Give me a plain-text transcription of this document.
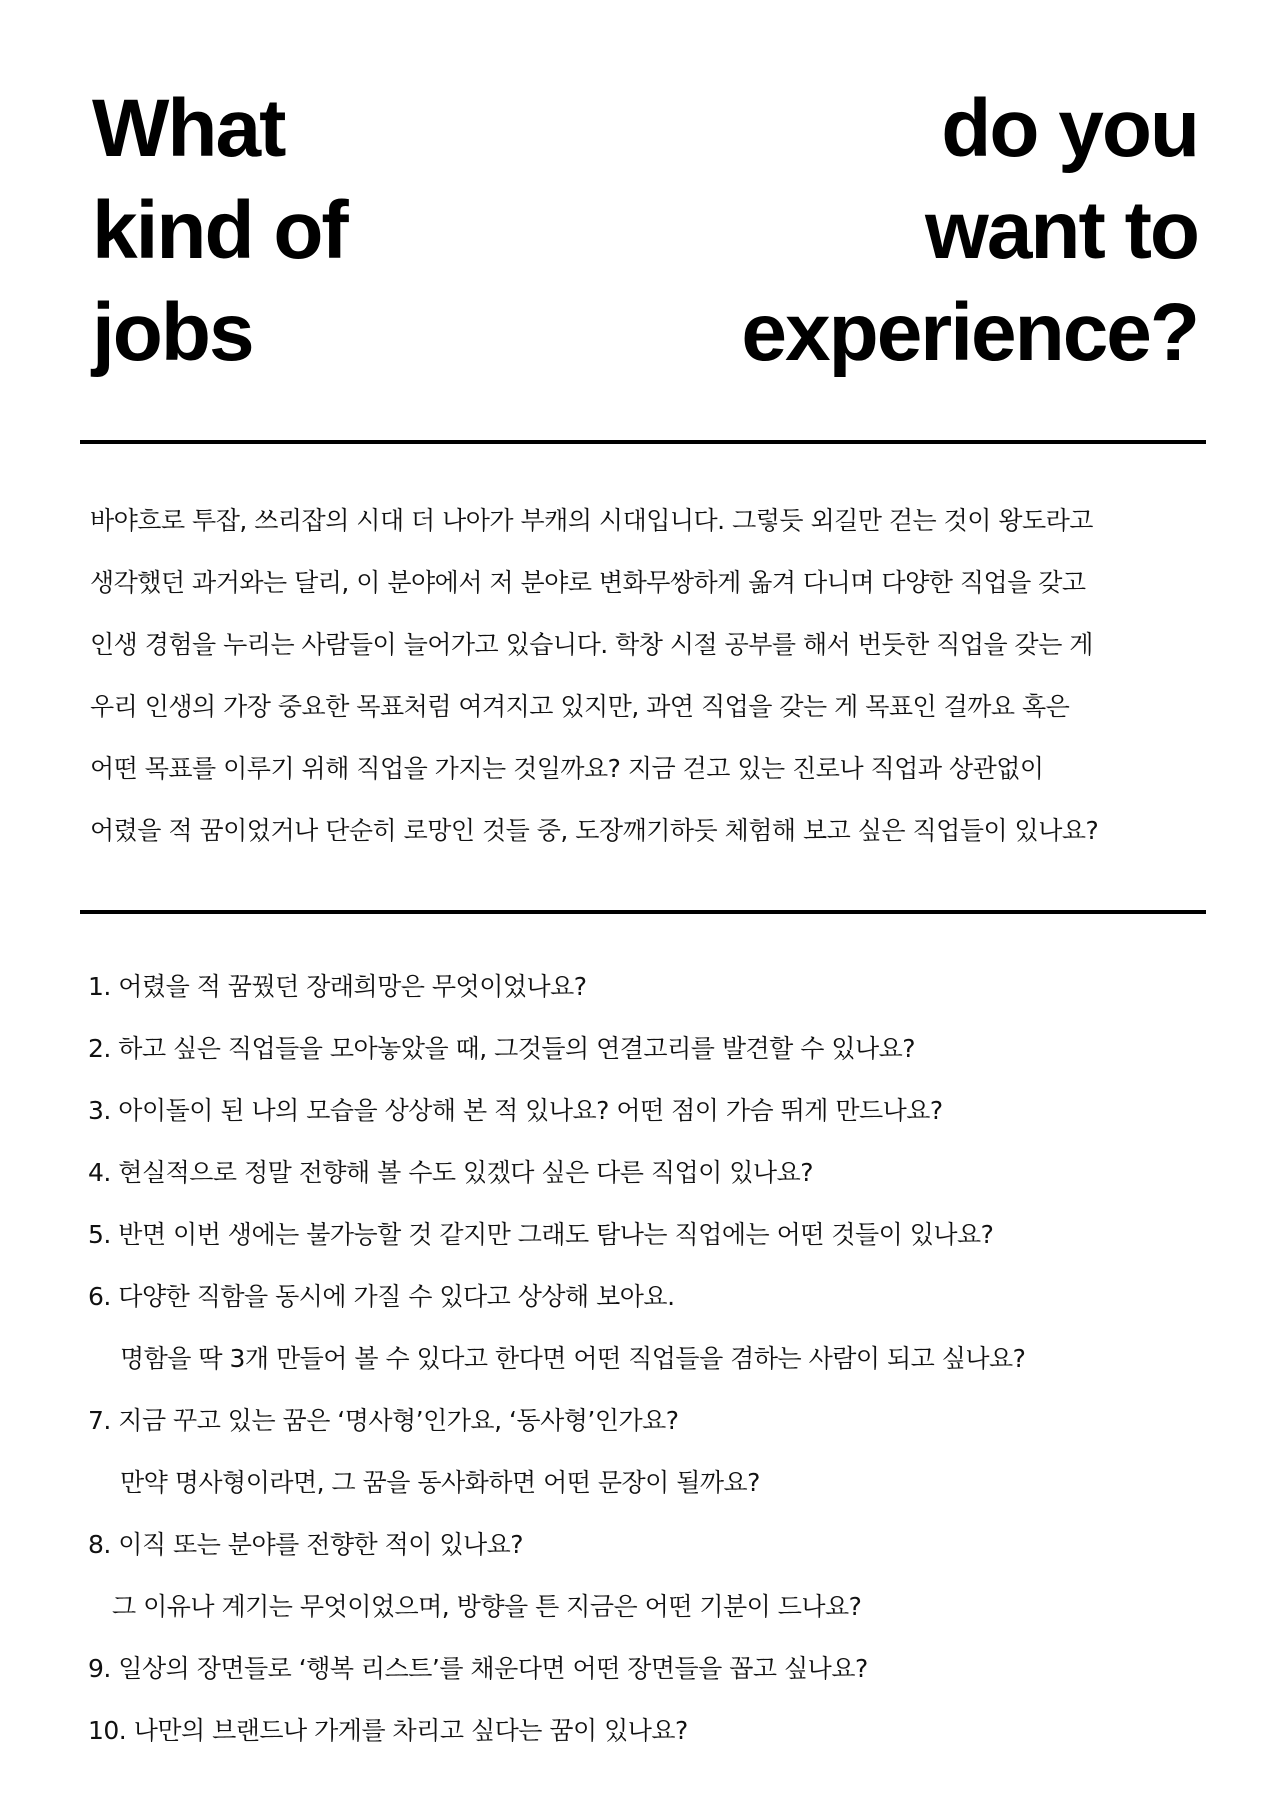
What
kind of
jobs
do you
want to
experience?

바야흐로 투잡, 쓰리잡의 시대 더 나아가 부캐의 시대입니다. 그렇듯 외길만 걷는 것이 왕도라고

생각했던 과거와는 달리, 이 분야에서 저 분야로 변화무쌍하게 옮겨 다니며 다양한 직업을 갖고

인생 경험을 누리는 사람들이 늘어가고 있습니다. 학창 시절 공부를 해서 번듯한 직업을 갖는 게

우리 인생의 가장 중요한 목표처럼 여겨지고 있지만, 과연 직업을 갖는 게 목표인 걸까요 혹은

어떤 목표를 이루기 위해 직업을 가지는 것일까요? 지금 걷고 있는 진로나 직업과 상관없이

어렸을 적 꿈이었거나 단순히 로망인 것들 중, 도장깨기하듯 체험해 보고 싶은 직업들이 있나요?

1. 어렸을 적 꿈꿨던 장래희망은 무엇이었나요?

2. 하고 싶은 직업들을 모아놓았을 때, 그것들의 연결고리를 발견할 수 있나요?

3. 아이돌이 된 나의 모습을 상상해 본 적 있나요? 어떤 점이 가슴 뛰게 만드나요?

4. 현실적으로 정말 전향해 볼 수도 있겠다 싶은 다른 직업이 있나요?

5. 반면 이번 생에는 불가능할 것 같지만 그래도 탐나는 직업에는 어떤 것들이 있나요?

6. 다양한 직함을 동시에 가질 수 있다고 상상해 보아요.

명함을 딱 3개 만들어 볼 수 있다고 한다면 어떤 직업들을 겸하는 사람이 되고 싶나요?

7. 지금 꾸고 있는 꿈은 ‘명사형’인가요, ‘동사형’인가요?

만약 명사형이라면, 그 꿈을 동사화하면 어떤 문장이 될까요?

8. 이직 또는 분야를 전향한 적이 있나요?

그 이유나 계기는 무엇이었으며, 방향을 튼 지금은 어떤 기분이 드나요?

9. 일상의 장면들로 ‘행복 리스트’를 채운다면 어떤 장면들을 꼽고 싶나요?

10. 나만의 브랜드나 가게를 차리고 싶다는 꿈이 있나요?
